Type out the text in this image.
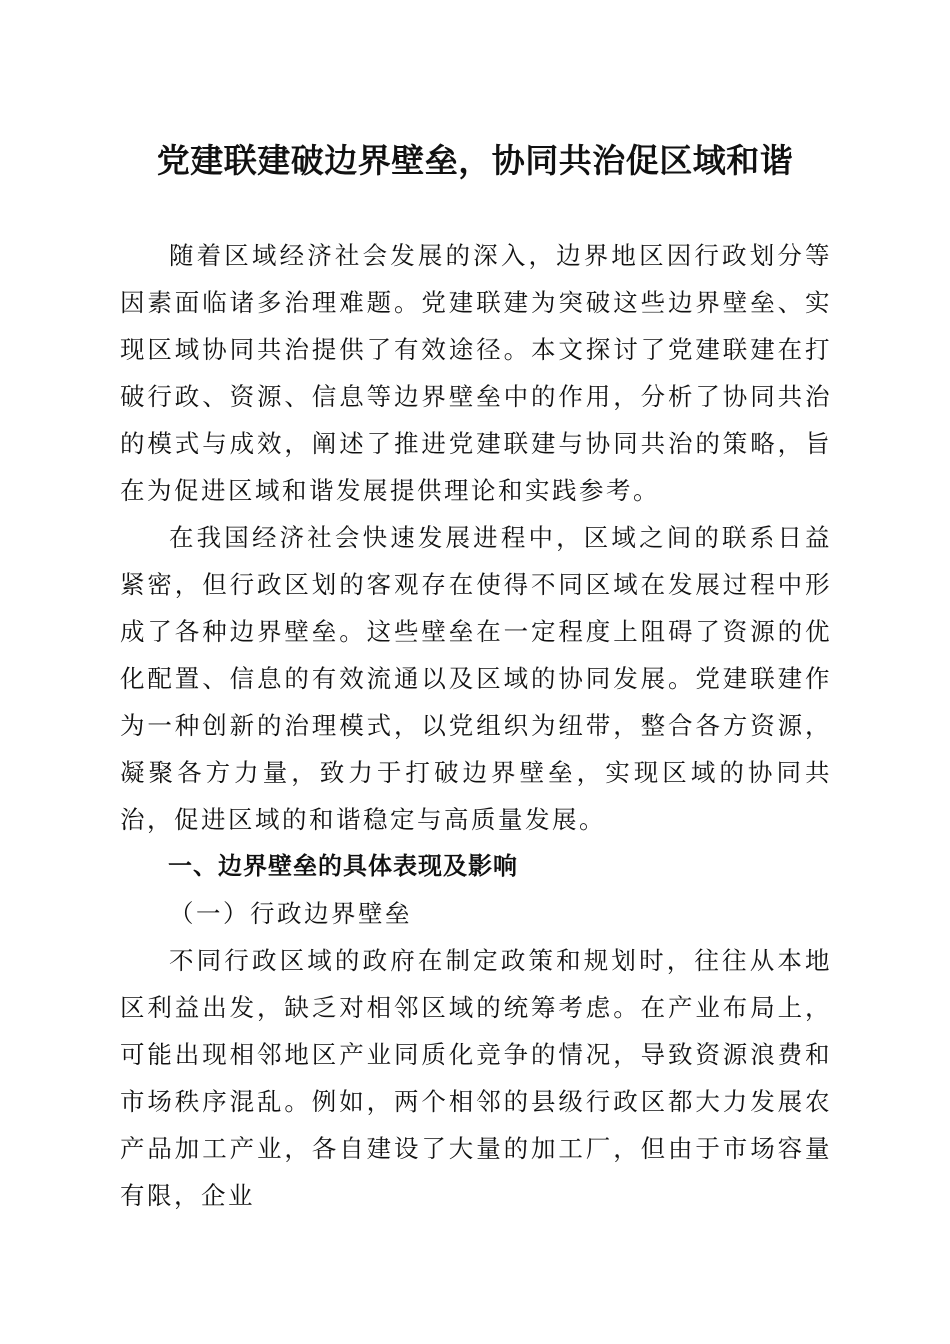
党建联建破边界壁垒，协同共治促区域和谐

随着区域经济社会发展的深入，边界地区因行政划分等因素面临诸多治理难题。党建联建为突破这些边界壁垒、实现区域协同共治提供了有效途径。本文探讨了党建联建在打破行政、资源、信息等边界壁垒中的作用，分析了协同共治的模式与成效，阐述了推进党建联建与协同共治的策略，旨在为促进区域和谐发展提供理论和实践参考。

在我国经济社会快速发展进程中，区域之间的联系日益紧密，但行政区划的客观存在使得不同区域在发展过程中形成了各种边界壁垒。这些壁垒在一定程度上阻碍了资源的优化配置、信息的有效流通以及区域的协同发展。党建联建作为一种创新的治理模式，以党组织为纽带，整合各方资源，凝聚各方力量，致力于打破边界壁垒，实现区域的协同共治，促进区域的和谐稳定与高质量发展。

一、边界壁垒的具体表现及影响

（一）行政边界壁垒

不同行政区域的政府在制定政策和规划时，往往从本地区利益出发，缺乏对相邻区域的统筹考虑。在产业布局上，可能出现相邻地区产业同质化竞争的情况，导致资源浪费和市场秩序混乱。例如，两个相邻的县级行政区都大力发展农产品加工产业，各自建设了大量的加工厂，但由于市场容量有限，企业
